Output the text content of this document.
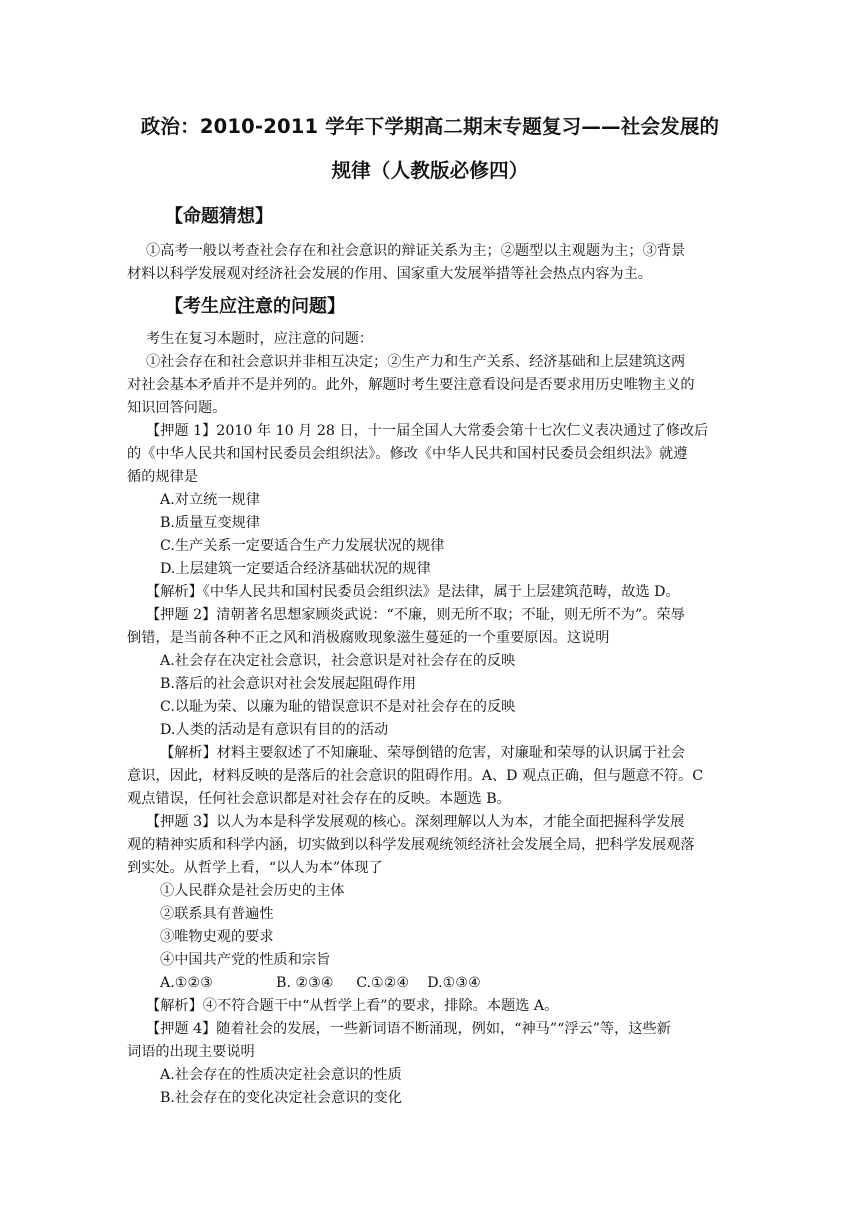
政治：2010-2011 学年下学期高二期末专题复习——社会发展的
规律（人教版必修四）
【命题猜想】
①高考一般以考查社会存在和社会意识的辩证关系为主；②题型以主观题为主；③背景
材料以科学发展观对经济社会发展的作用、国家重大发展举措等社会热点内容为主。
【考生应注意的问题】
考生在复习本题时，应注意的问题：
①社会存在和社会意识并非相互决定；②生产力和生产关系、经济基础和上层建筑这两
对社会基本矛盾并不是并列的。此外，解题时考生要注意看设问是否要求用历史唯物主义的
知识回答问题。
【押题 1】2010 年 10 月 28 日，十一届全国人大常委会第十七次仁义表决通过了修改后
的《中华人民共和国村民委员会组织法》。修改《中华人民共和国村民委员会组织法》就遵
循的规律是
A.对立统一规律
B.质量互变规律
C.生产关系一定要适合生产力发展状况的规律
D.上层建筑一定要适合经济基础状况的规律
【解析】《中华人民共和国村民委员会组织法》是法律，属于上层建筑范畴，故选 D。
【押题 2】清朝著名思想家顾炎武说：“不廉，则无所不取；不耻，则无所不为”。荣辱
倒错，是当前各种不正之风和消极腐败现象滋生蔓延的一个重要原因。这说明
A.社会存在决定社会意识，社会意识是对社会存在的反映
B.落后的社会意识对社会发展起阻碍作用
C.以耻为荣、以廉为耻的错误意识不是对社会存在的反映
D.人类的活动是有意识有目的的活动
【解析】材料主要叙述了不知廉耻、荣辱倒错的危害，对廉耻和荣辱的认识属于社会
意识，因此，材料反映的是落后的社会意识的阻碍作用。A、D 观点正确，但与题意不符。C
观点错误，任何社会意识都是对社会存在的反映。本题选 B。
【押题 3】以人为本是科学发展观的核心。深刻理解以人为本，才能全面把握科学发展
观的精神实质和科学内涵，切实做到以科学发展观统领经济社会发展全局，把科学发展观落
到实处。从哲学上看，“以人为本”体现了
①人民群众是社会历史的主体
②联系具有普遍性
③唯物史观的要求
④中国共产党的性质和宗旨
A.①②③              B. ②③④     C.①②④    D.①③④
【解析】④不符合题干中“从哲学上看”的要求，排除。本题选 A。
【押题 4】随着社会的发展，一些新词语不断涌现，例如，“神马”“浮云”等，这些新
词语的出现主要说明
A.社会存在的性质决定社会意识的性质
B.社会存在的变化决定社会意识的变化
